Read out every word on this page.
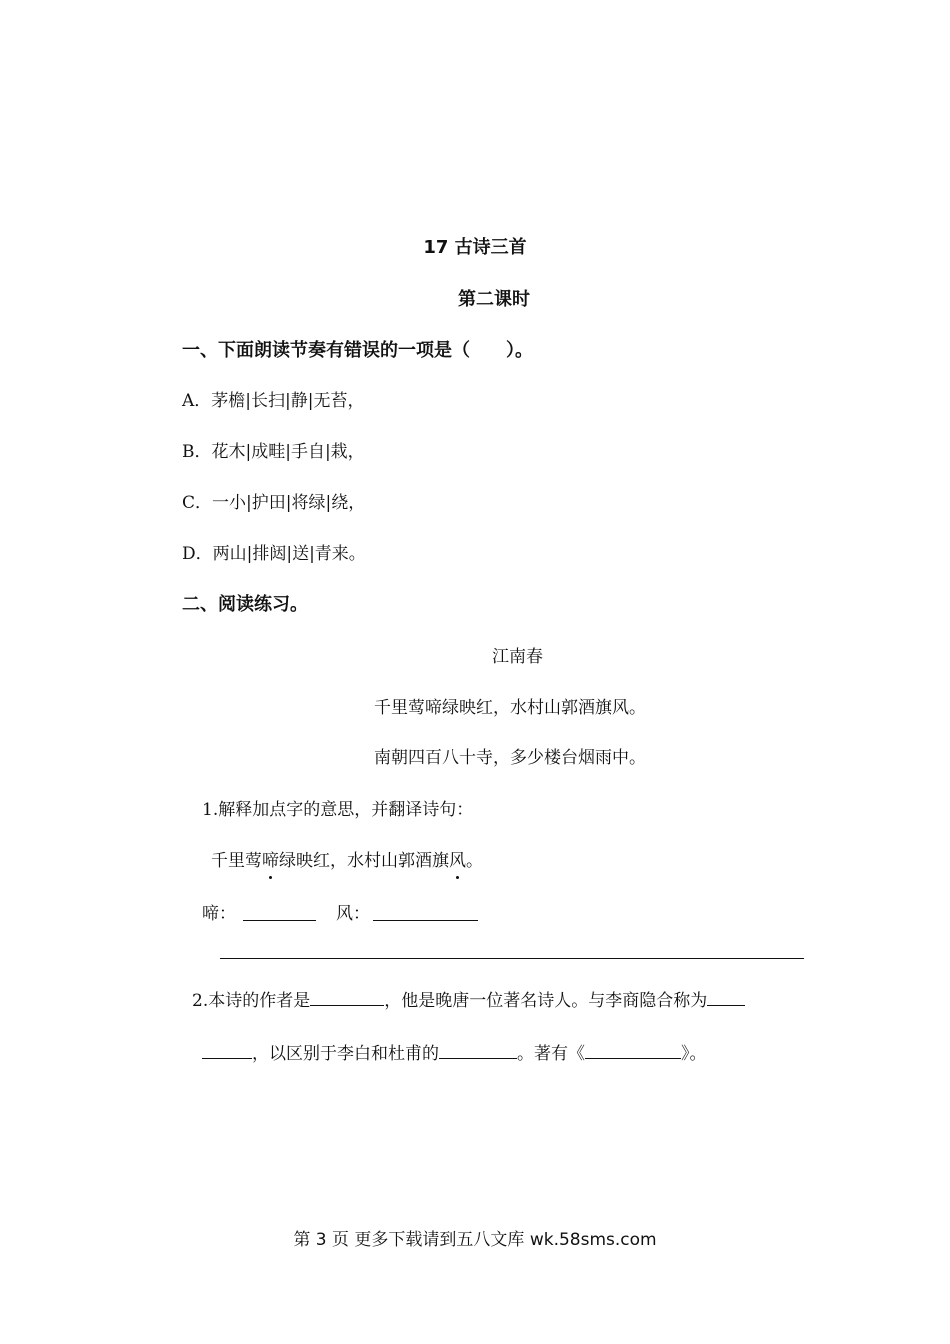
17 古诗三首
第二课时
一、下面朗读节奏有错误的一项是（　　）。
A．茅檐|长扫|静|无苔，
B．花木|成畦|手自|栽，
C．一小|护田|将绿|绕，
D．两山|排闼|送|青来。
二、阅读练习。
江南春
千里莺啼绿映红，水村山郭酒旗风。
南朝四百八十寺，多少楼台烟雨中。
1.解释加点字的意思，并翻译诗句：
千里莺啼绿映红，水村山郭酒旗风。
啼：	风：
2.本诗的作者是	，他是晚唐一位著名诗人。与李商隐合称为
，以区别于李白和杜甫的	。著有《	》。
第 3 页 更多下载请到五八文库 wk.58sms.com
